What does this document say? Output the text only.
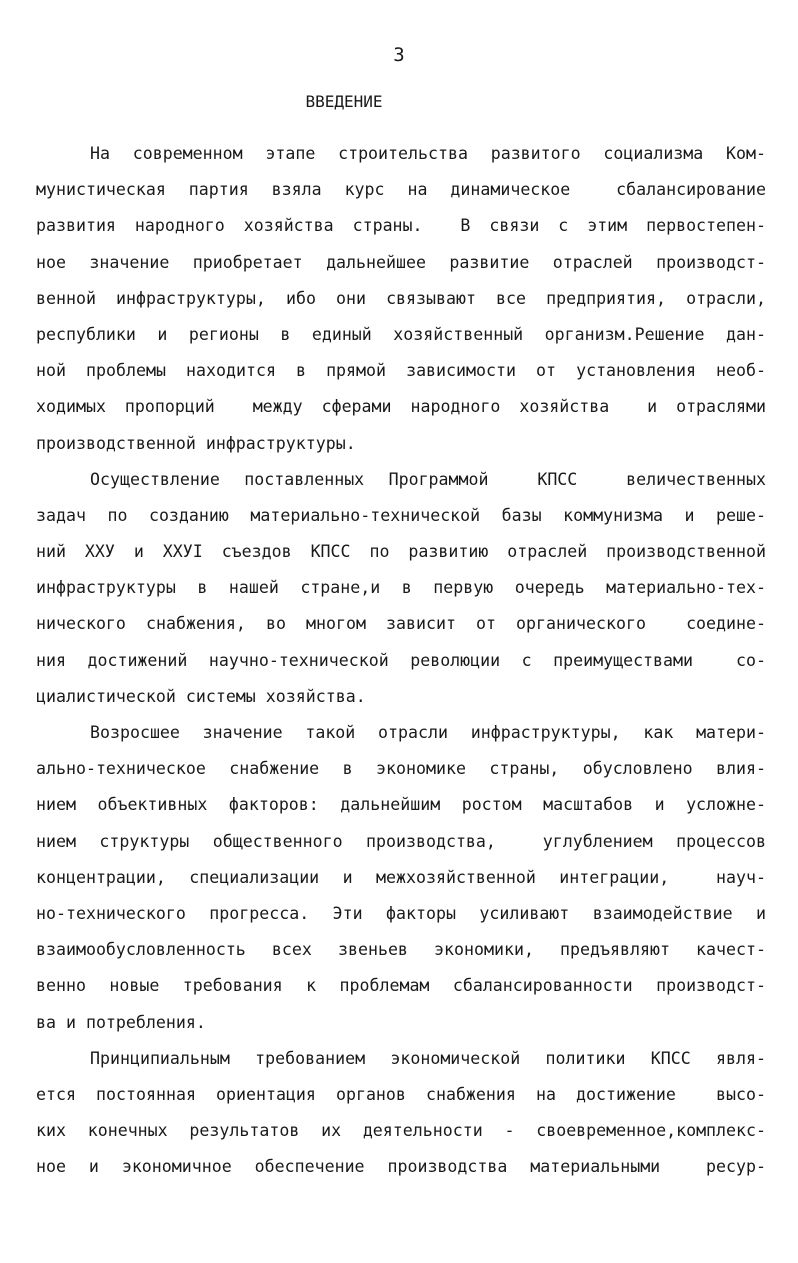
3
ВВЕДЕНИЕ
На современном этапе строительства развитого социализма Ком-
мунистическая партия взяла курс на динамическое  сбалансирование
развития народного хозяйства страны.  В связи с этим первостепен-
ное значение приобретает дальнейшее развитие отраслей производст-
венной инфраструктуры, ибо они связывают все предприятия, отрасли,
республики и регионы в единый хозяйственный организм.Решение дан-
ной проблемы находится в прямой зависимости от установления необ-
ходимых пропорций  между сферами народного хозяйства  и отраслями
производственной инфраструктуры.
Осуществление поставленных Программой  КПСС  величественных
задач по созданию материально-технической базы коммунизма и реше-
ний XXУ и XXУI съездов КПСС по развитию отраслей производственной
инфраструктуры в нашей стране,и в первую очередь материально-тех-
нического снабжения, во многом зависит от органического  соедине-
ния достижений научно-технической революции с преимуществами  со-
циалистической системы хозяйства.
Возросшее значение такой отрасли инфраструктуры, как матери-
ально-техническое снабжение в экономике страны, обусловлено влия-
нием объективных факторов: дальнейшим ростом масштабов и усложне-
нием структуры общественного производства,  углублением процессов
концентрации, специализации и межхозяйственной интеграции,  науч-
но-технического прогресса. Эти факторы усиливают взаимодействие и
взаимообусловленность всех звеньев экономики, предъявляют качест-
венно новые требования к проблемам сбалансированности производст-
ва и потребления.
Принципиальным требованием экономической политики КПСС явля-
ется постоянная ориентация органов снабжения на достижение  высо-
ких конечных результатов их деятельности - своевременное,комплекс-
ное и экономичное обеспечение производства материальными  ресур-
